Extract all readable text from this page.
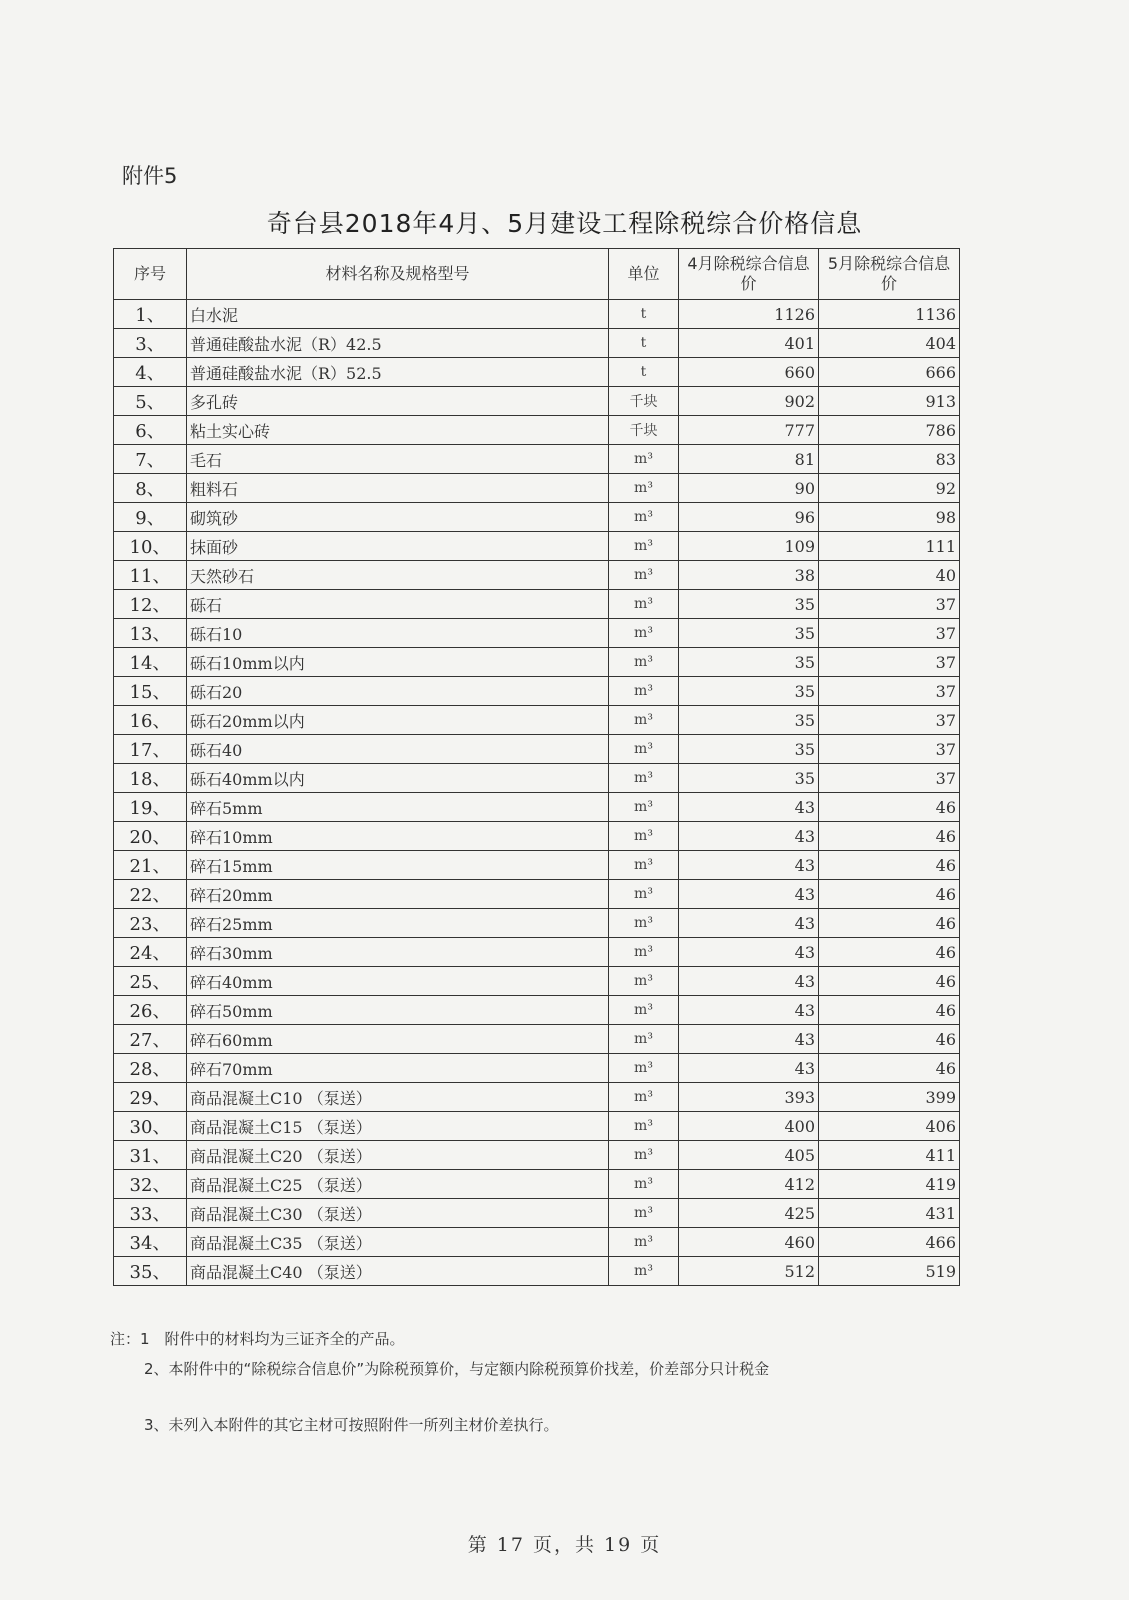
附件5
奇台县2018年4月、5月建设工程除税综合价格信息
序号	材料名称及规格型号	单位	4月除税综合信息价	5月除税综合信息价
1、	白水泥	t	1126	1136
3、	普通硅酸盐水泥（R）42.5	t	401	404
4、	普通硅酸盐水泥（R）52.5	t	660	666
5、	多孔砖	千块	902	913
6、	粘土实心砖	千块	777	786
7、	毛石	m³	81	83
8、	粗料石	m³	90	92
9、	砌筑砂	m³	96	98
10、	抹面砂	m³	109	111
11、	天然砂石	m³	38	40
12、	砾石	m³	35	37
13、	砾石10	m³	35	37
14、	砾石10mm以内	m³	35	37
15、	砾石20	m³	35	37
16、	砾石20mm以内	m³	35	37
17、	砾石40	m³	35	37
18、	砾石40mm以内	m³	35	37
19、	碎石5mm	m³	43	46
20、	碎石10mm	m³	43	46
21、	碎石15mm	m³	43	46
22、	碎石20mm	m³	43	46
23、	碎石25mm	m³	43	46
24、	碎石30mm	m³	43	46
25、	碎石40mm	m³	43	46
26、	碎石50mm	m³	43	46
27、	碎石60mm	m³	43	46
28、	碎石70mm	m³	43	46
29、	商品混凝土C10 （泵送）	m³	393	399
30、	商品混凝土C15 （泵送）	m³	400	406
31、	商品混凝土C20 （泵送）	m³	405	411
32、	商品混凝土C25 （泵送）	m³	412	419
33、	商品混凝土C30 （泵送）	m³	425	431
34、	商品混凝土C35 （泵送）	m³	460	466
35、	商品混凝土C40 （泵送）	m³	512	519

注：1　附件中的材料均为三证齐全的产品。

2、本附件中的“除税综合信息价”为除税预算价，与定额内除税预算价找差，价差部分只计税金

3、未列入本附件的其它主材可按照附件一所列主材价差执行。

第 17 页，共 19 页
